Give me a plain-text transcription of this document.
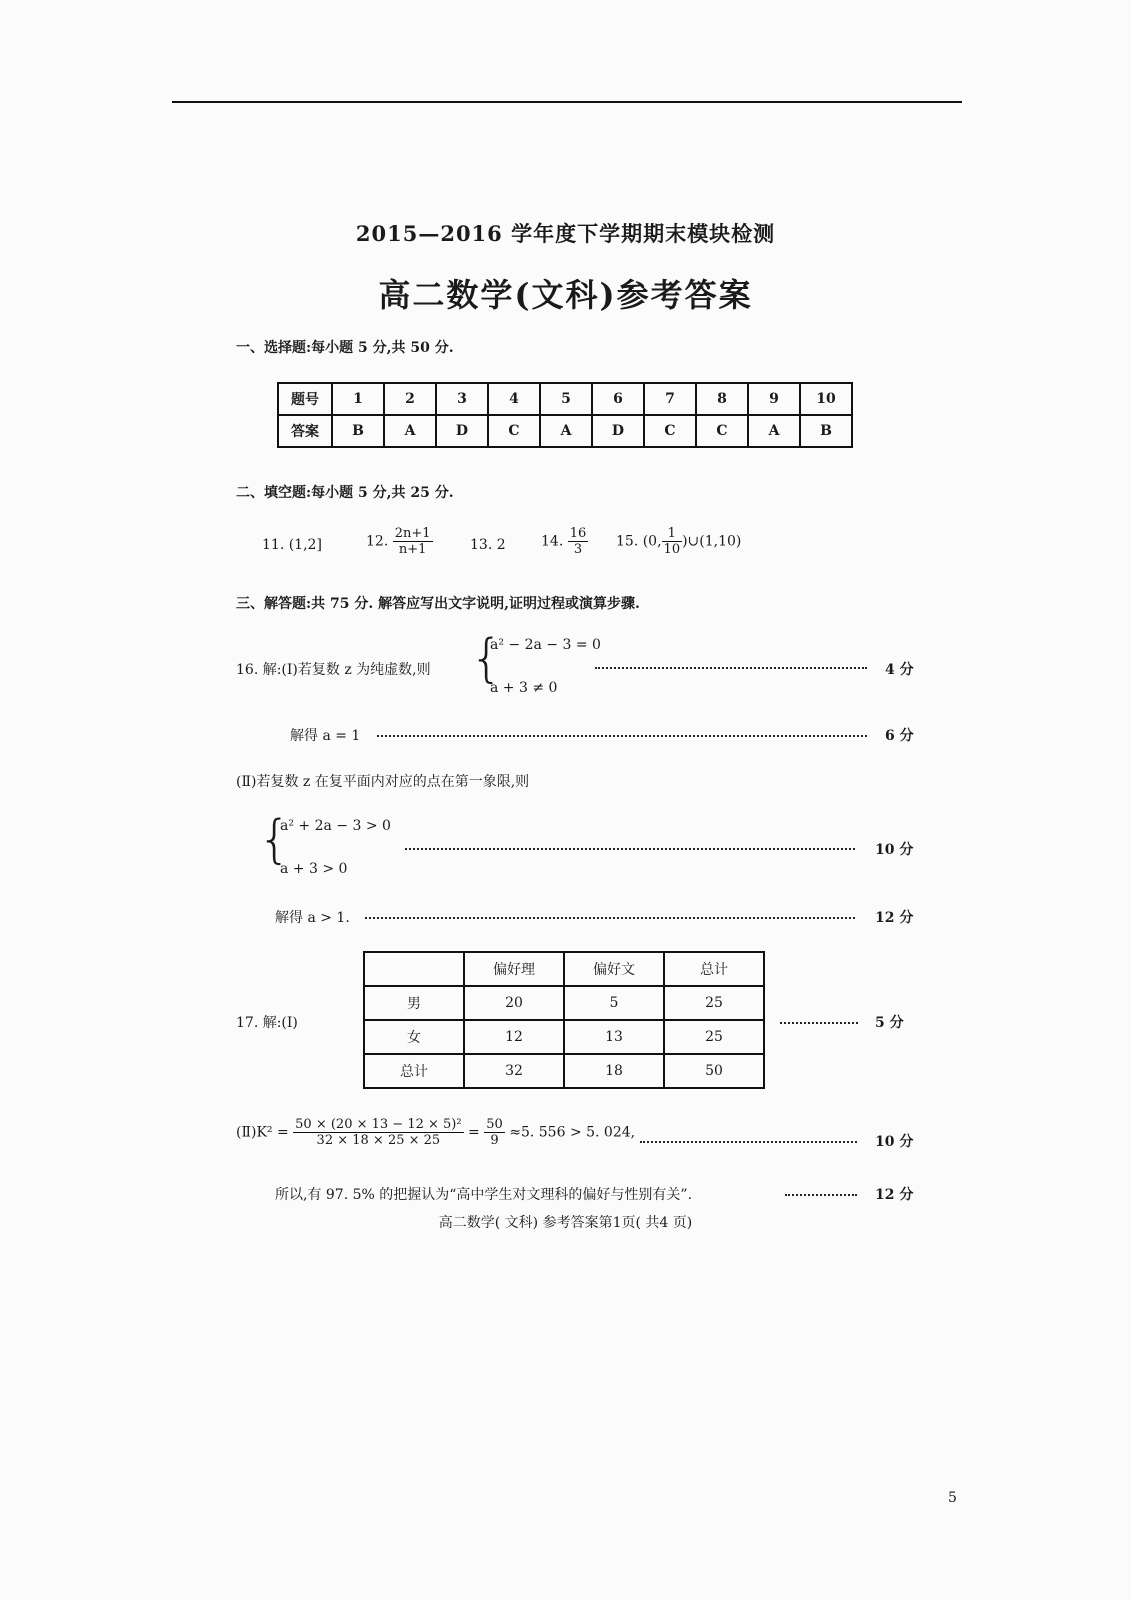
2015—2016 学年度下学期期末模块检测
高二数学(文科)参考答案
一、选择题:每小题 5 分,共 50 分.
题号	1	2	3	4	5	6	7	8	9	10
答案	B	A	D	C	A	D	C	C	A	B
二、填空题:每小题 5 分,共 25 分.
11. (1,2]	12. $\frac{2n+1}{n+1}$	13. 2	14. $\frac{16}{3} 15$. (0, $\frac{1}{10}$ )∪(1,10)
三、解答题:共 75 分. 解答应写出文字说明,证明过程或演算步骤.
16. 解:(Ⅰ)若复数 z 为纯虚数,则 {
a² − 2a − 3 = 0
a + 3 ≠ 0
4 分
解得 a = 1	6 分
(Ⅱ)若复数 z 在复平面内对应的点在第一象限,则
{
a² + 2a − 3 > 0
a + 3 > 0
10 分
解得 a > 1.	12 分
17. 解:(Ⅰ)
	偏好理	偏好文	总计
男	20	5	25
女	12	13	25
总计	32	18	50
5 分
(Ⅱ)K² = $\frac{\text{50 × (20 × 13 − 12 × 5)²}}{32 \times 18 \times 25 \times 25} = \frac{50}{9} \approx 5$. 556 > 5. 024,
10 分
所以,有 97. 5% 的把握认为“高中学生对文理科的偏好与性别有关”.	12 分
高二数学( 文科) 参考答案第1页( 共4 页)
5
